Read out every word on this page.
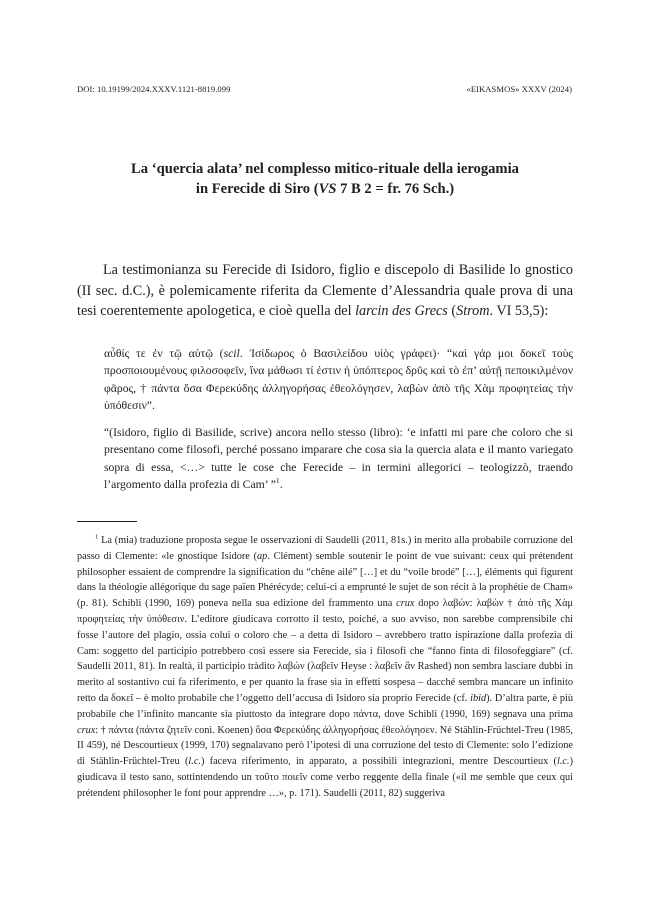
DOI: 10.19199/2024.XXXV.1121-8819.099	«EIKASMOS» XXXV (2024)
La ‘quercia alata’ nel complesso mitico-rituale della ierogamia
in Ferecide di Siro (VS 7 B 2 = fr. 76 Sch.)
La testimonianza su Ferecide di Isidoro, figlio e discepolo di Basilide lo gnostico (II sec. d.C.), è polemicamente riferita da Clemente d’Alessandria quale prova di una tesi coerentemente apologetica, e cioè quella del larcin des Grecs (Strom. VI 53,5):
αὖθίς τε ἐν τῷ αὐτῷ (scil. Ἰσίδωρος ὁ Βασιλείδου υἱὸς γράφει)· “καὶ γάρ μοι δοκεῖ τοὺς προσποιουμένους φιλοσοφεῖν, ἵνα μάθωσι τί ἐστιν ἡ ὑπόπτερος δρῦς καὶ τὸ ἐπ’ αὐτῇ πεποικιλμένον φᾶρος, † πάντα ὅσα Φερεκύδης ἀλληγορήσας ἐθεολόγησεν, λαβὼν ἀπὸ τῆς Χὰμ προφητείας τὴν ὑπόθεσιν”.
“(Isidoro, figlio di Basilide, scrive) ancora nello stesso (libro): ‘e infatti mi pare che coloro che si presentano come filosofi, perché possano imparare che cosa sia la quercia alata e il manto variegato sopra di essa, <…> tutte le cose che Ferecide – in termini allegorici – teologizzò, traendo l’argomento dalla profezia di Cam’ ”$^1$.
$^1$ La (mia) traduzione proposta segue le osservazioni di Saudelli (2011, 81s.) in merito alla probabile corruzione del passo di Clemente: «le gnostique Isidore (ap. Clément) semble soutenir le point de vue suivant: ceux qui prétendent philosopher essaient de comprendre la signification du “chêne ailé” […] et du “voile brodé” […], éléments qui figurent dans la théologie allégorique du sage païen Phérécyde; celui-ci a emprunté le sujet de son récit à la prophétie de Cham» (p. 81). Schibli (1990, 169) poneva nella sua edizione del frammento una crux dopo λαβών: λαβὼν † ἀπὸ τῆς Χὰμ προφητείας τὴν ὑπόθεσιν. L’editore giudicava corrotto il testo, poiché, a suo avviso, non sarebbe comprensibile chi fosse l’autore del plagio, ossia colui o coloro che – a detta di Isidoro – avrebbero tratto ispirazione dalla profezia di Cam: soggetto del participio potrebbero così essere sia Ferecide, sia i filosofi che “fanno finta di filosofeggiare” (cf. Saudelli 2011, 81). In realtà, il participio tràdito λαβών (λαβεῖν Heyse : λαβεῖν ἂν Rashed) non sembra lasciare dubbi in merito al sostantivo cui fa riferimento, e per quanto la frase sia in effetti sospesa – dacché sembra mancare un infinito retto da δοκεῖ – è molto probabile che l’oggetto dell’accusa di Isidoro sia proprio Ferecide (cf. ibid). D’altra parte, è più probabile che l’infinito mancante sia piuttosto da integrare dopo πάντα, dove Schibli (1990, 169) segnava una prima crux: † πάντα (πάντα ζητεῖν coni. Koenen) ὅσα Φερεκύδης ἀλληγορήσας ἐθεολόγησεν. Né Stählin-Früchtel-Treu (1985, II 459), né Descourtieux (1999, 170) segnalavano però l’ipotesi di una corruzione del testo di Clemente: solo l’edizione di Stählin-Früchtel-Treu (l.c.) faceva riferimento, in apparato, a possibili integrazioni, mentre Descourtieux (l.c.) giudicava il testo sano, sottintendendo un τοῦτο ποιεῖν come verbo reggente della finale («il me semble que ceux qui prétendent philosopher le font pour apprendre …», p. 171). Saudelli (2011, 82) suggeriva
